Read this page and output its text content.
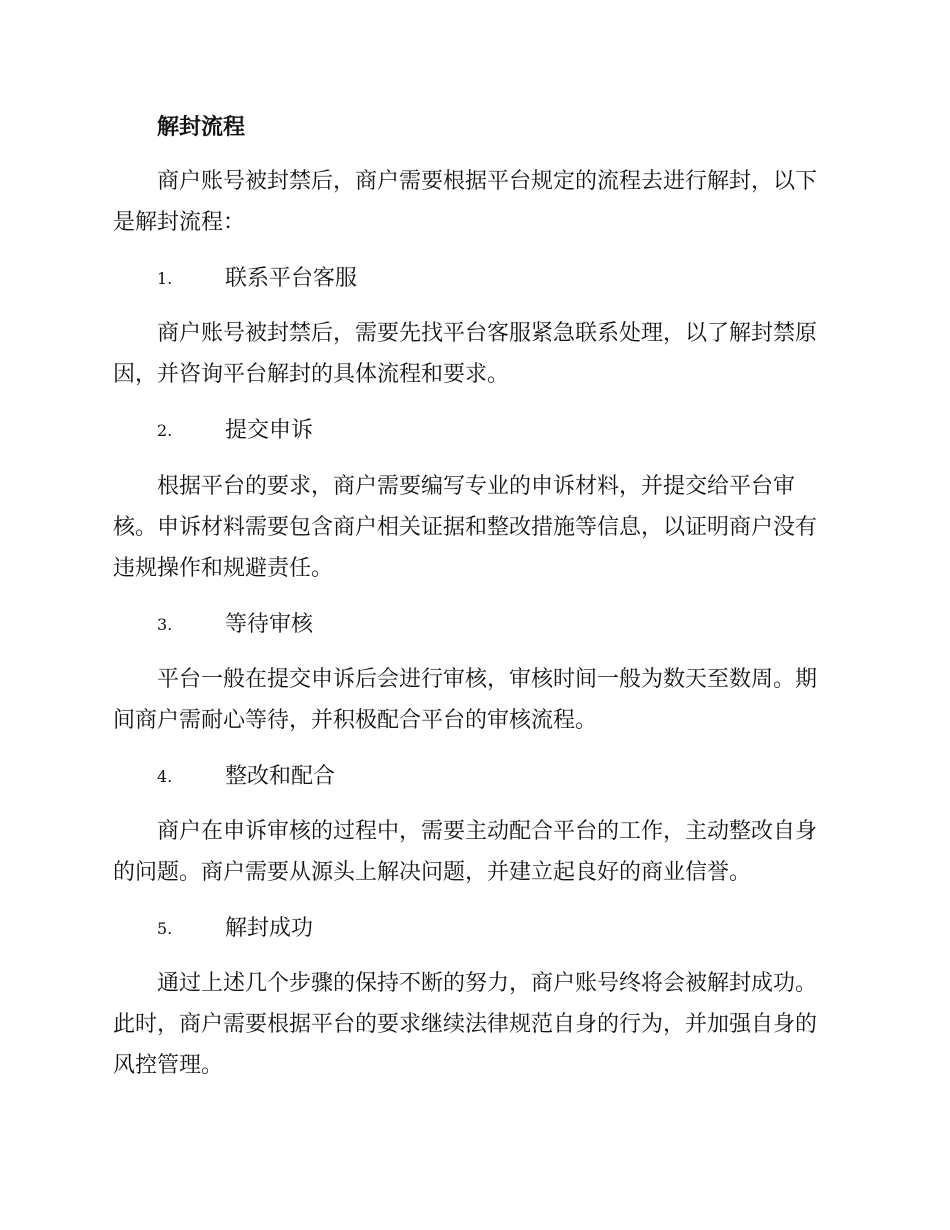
解封流程

商户账号被封禁后，商户需要根据平台规定的流程去进行解封，以下是解封流程：

1. 联系平台客服

商户账号被封禁后，需要先找平台客服紧急联系处理，以了解封禁原因，并咨询平台解封的具体流程和要求。

2. 提交申诉

根据平台的要求，商户需要编写专业的申诉材料，并提交给平台审核。申诉材料需要包含商户相关证据和整改措施等信息，以证明商户没有违规操作和规避责任。

3. 等待审核

平台一般在提交申诉后会进行审核，审核时间一般为数天至数周。期间商户需耐心等待，并积极配合平台的审核流程。

4. 整改和配合

商户在申诉审核的过程中，需要主动配合平台的工作，主动整改自身的问题。商户需要从源头上解决问题，并建立起良好的商业信誉。

5. 解封成功

通过上述几个步骤的保持不断的努力，商户账号终将会被解封成功。此时，商户需要根据平台的要求继续法律规范自身的行为，并加强自身的风控管理。
